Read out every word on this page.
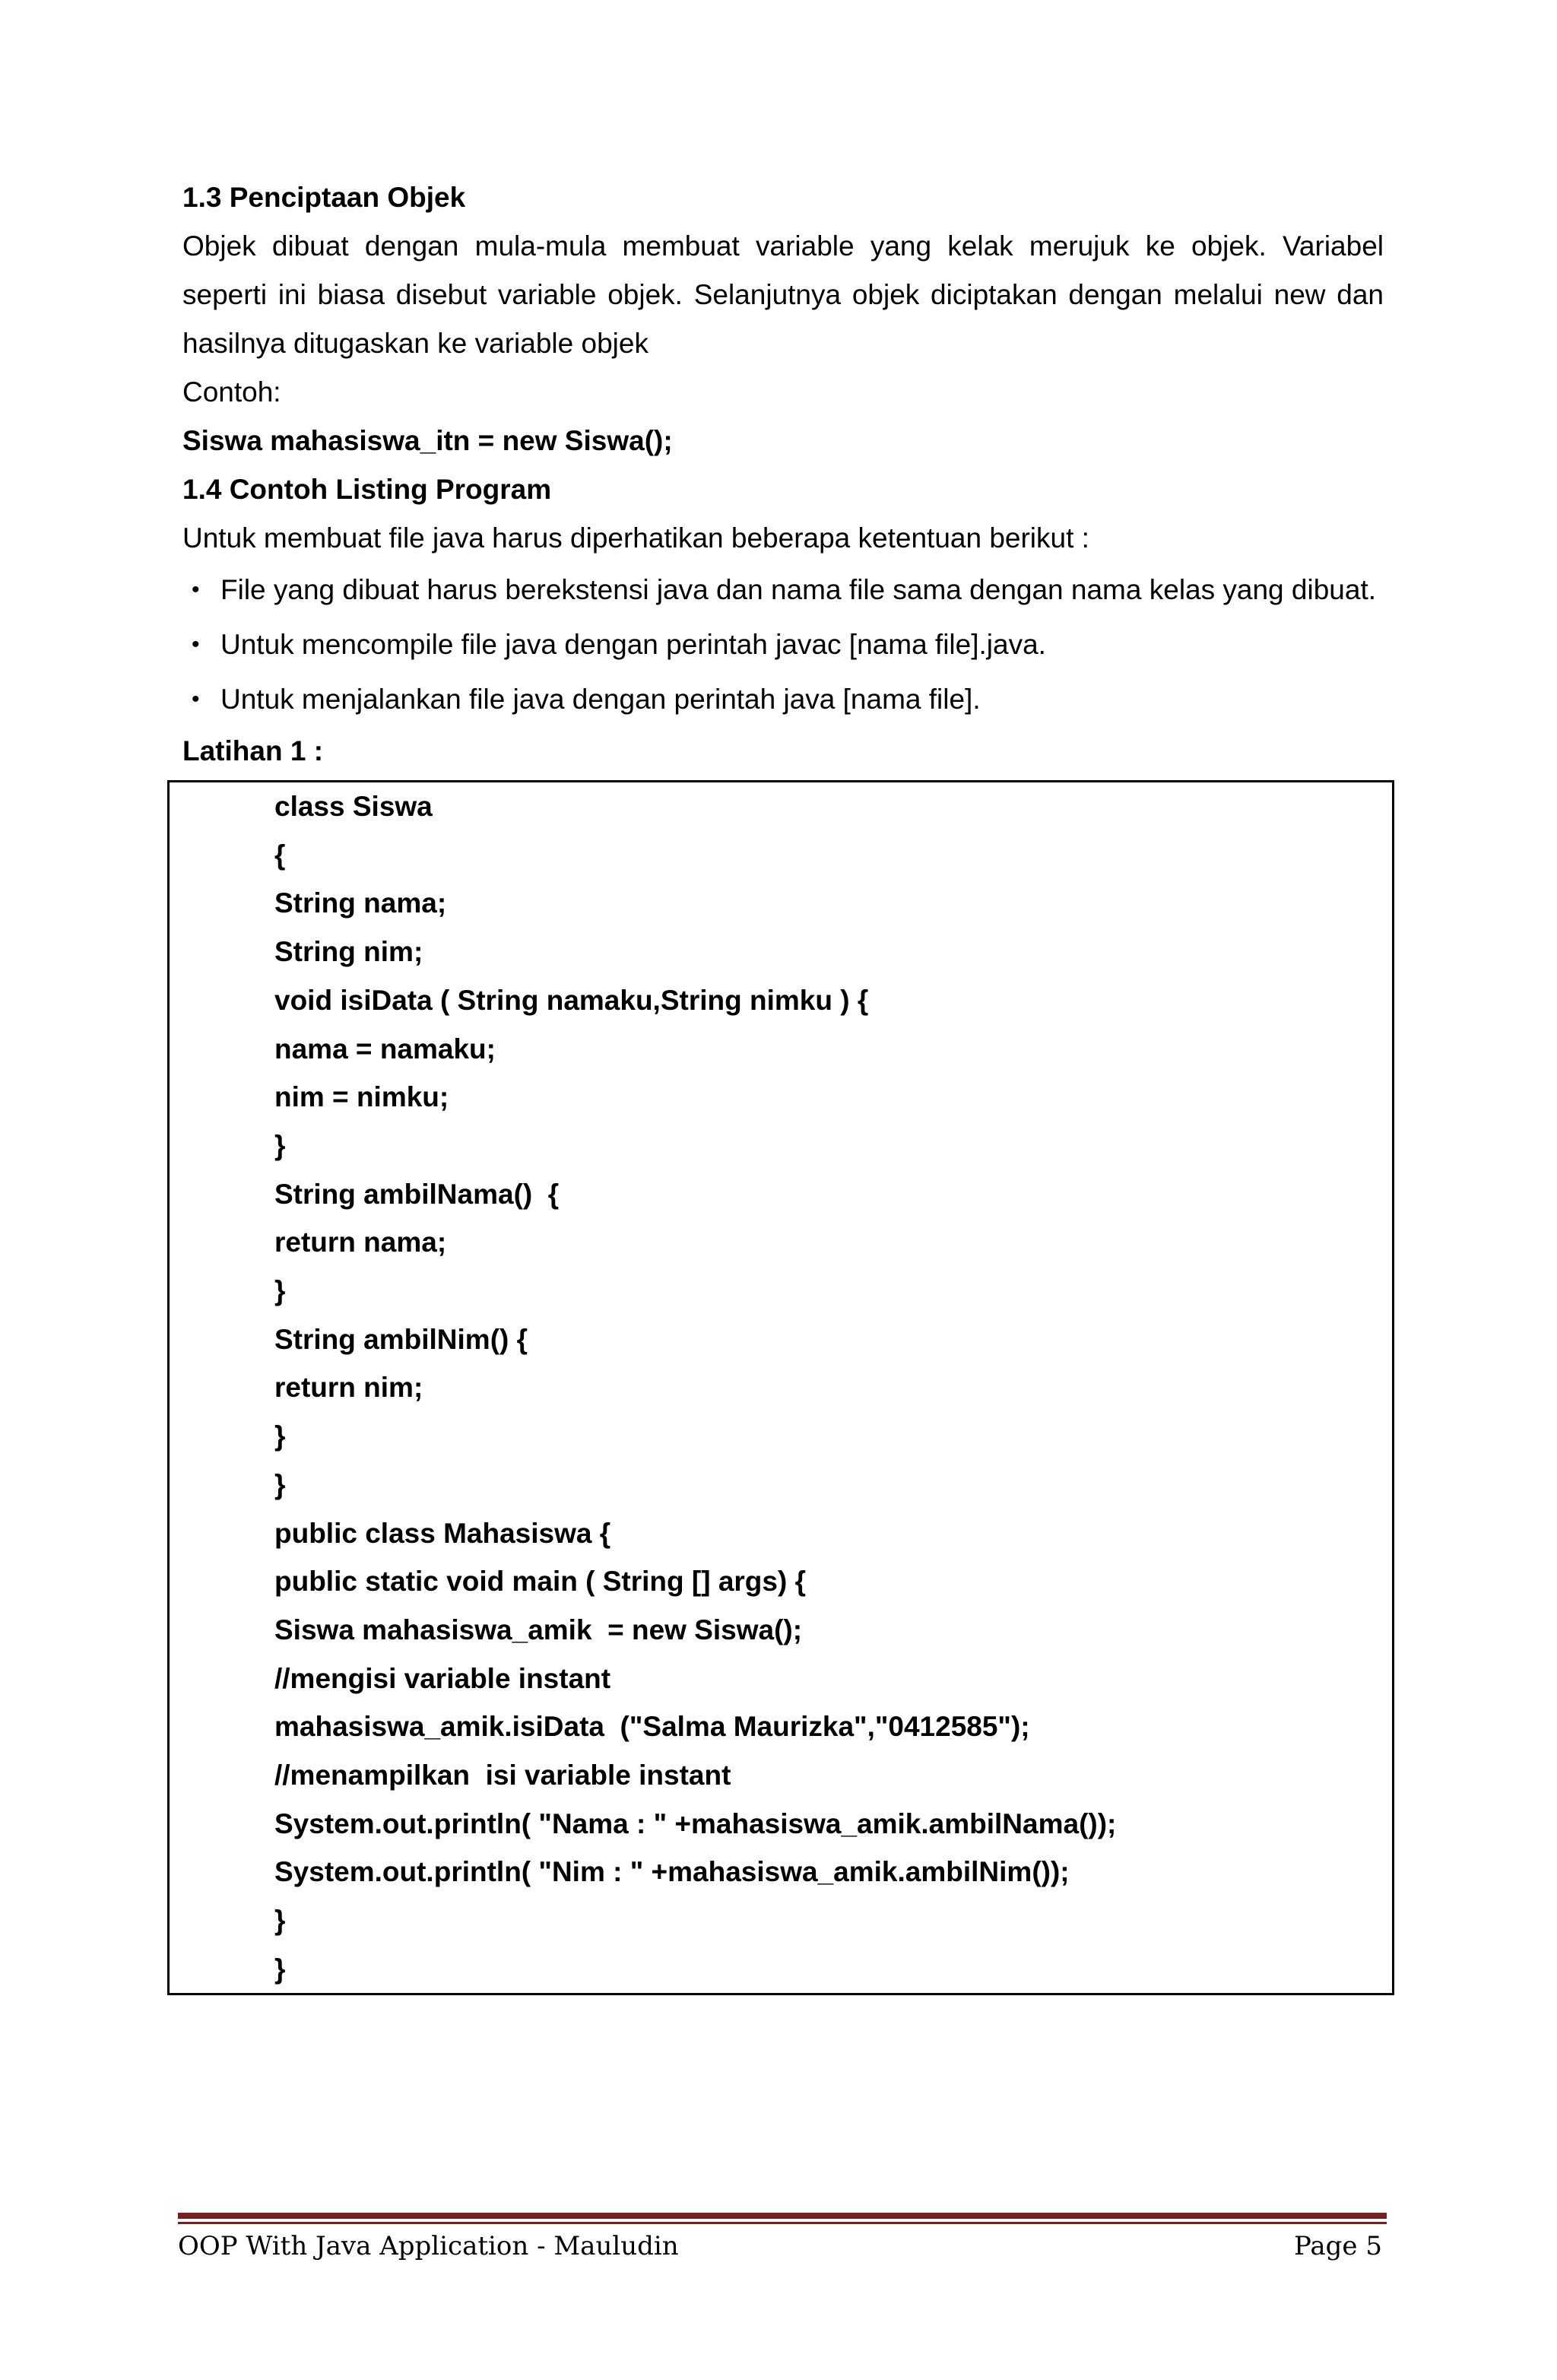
1.3 Penciptaan Objek

Objek dibuat dengan mula-mula membuat variable yang kelak merujuk ke objek. Variabel seperti ini biasa disebut variable objek. Selanjutnya objek diciptakan dengan melalui new dan hasilnya ditugaskan ke variable objek

Contoh:

Siswa mahasiswa_itn = new Siswa();

1.4 Contoh Listing Program

Untuk membuat file java harus diperhatikan beberapa ketentuan berikut :

• File yang dibuat harus berekstensi java dan nama file sama dengan nama kelas yang dibuat.
• Untuk mencompile file java dengan perintah javac [nama file].java.
• Untuk menjalankan file java dengan perintah java [nama file].

Latihan 1 :

class Siswa
{
String nama;
String nim;
void isiData ( String namaku,String nimku ) {
nama = namaku;
nim = nimku;
}
String ambilNama()  {
return nama;
}
String ambilNim() {
return nim;
}
}
public class Mahasiswa {
public static void main ( String [] args) {
Siswa mahasiswa_amik  = new Siswa();
//mengisi variable instant
mahasiswa_amik.isiData  ("Salma Maurizka","0412585");
//menampilkan  isi variable instant
System.out.println( "Nama : " +mahasiswa_amik.ambilNama());
System.out.println( "Nim : " +mahasiswa_amik.ambilNim());
}
}
OOP With Java Application - Mauludin	Page 5
